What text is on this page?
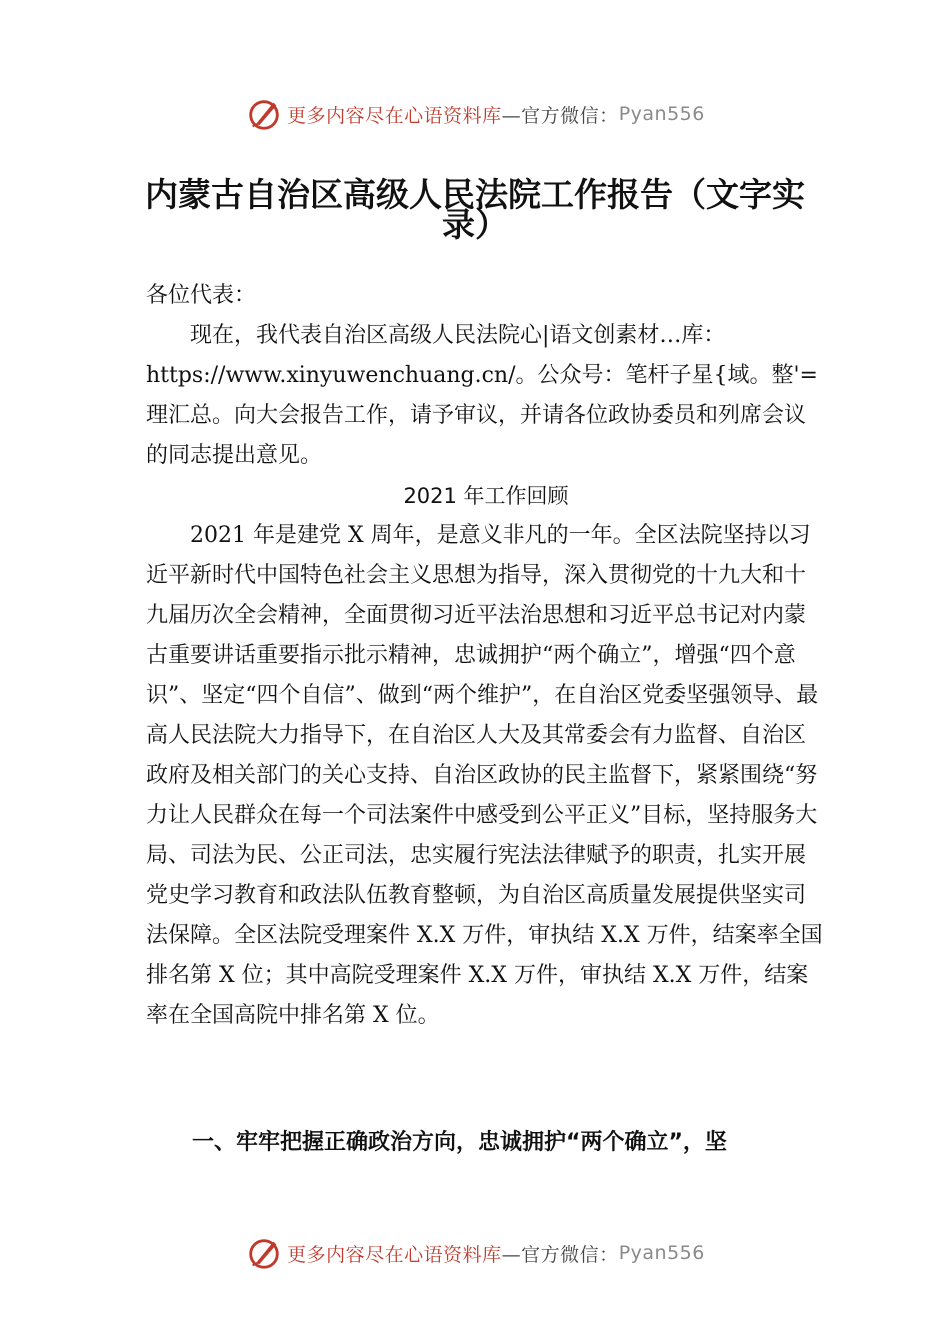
更多内容尽在心语资料库 —官方微信： Pyan556
内蒙古自治区高级人民法院工作报告（文字实录）

各位代表：

现在，我代表自治区高级人民法院心|语文创素材…库：https://www.xinyuwenchuang.cn/。公众号：笔杆子星{域。整'=理汇总。向大会报告工作，请予审议，并请各位政协委员和列席会议的同志提出意见。

2021 年工作回顾

2021 年是建党 X 周年，是意义非凡的一年。全区法院坚持以习近平新时代中国特色社会主义思想为指导，深入贯彻党的十九大和十九届历次全会精神，全面贯彻习近平法治思想和习近平总书记对内蒙古重要讲话重要指示批示精神，忠诚拥护“两个确立”，增强“四个意识”、坚定“四个自信”、做到“两个维护”，在自治区党委坚强领导、最高人民法院大力指导下，在自治区人大及其常委会有力监督、自治区政府及相关部门的关心支持、自治区政协的民主监督下，紧紧围绕“努力让人民群众在每一个司法案件中感受到公平正义”目标，坚持服务大局、司法为民、公正司法，忠实履行宪法法律赋予的职责，扎实开展党史学习教育和政法队伍教育整顿，为自治区高质量发展提供坚实司法保障。全区法院受理案件 X.X 万件，审执结 X.X 万件，结案率全国排名第 X 位；其中高院受理案件 X.X 万件，审执结 X.X 万件，结案率在全国高院中排名第 X 位。

一、牢牢把握正确政治方向，忠诚拥护“两个确立”，坚
更多内容尽在心语资料库 —官方微信： Pyan556
